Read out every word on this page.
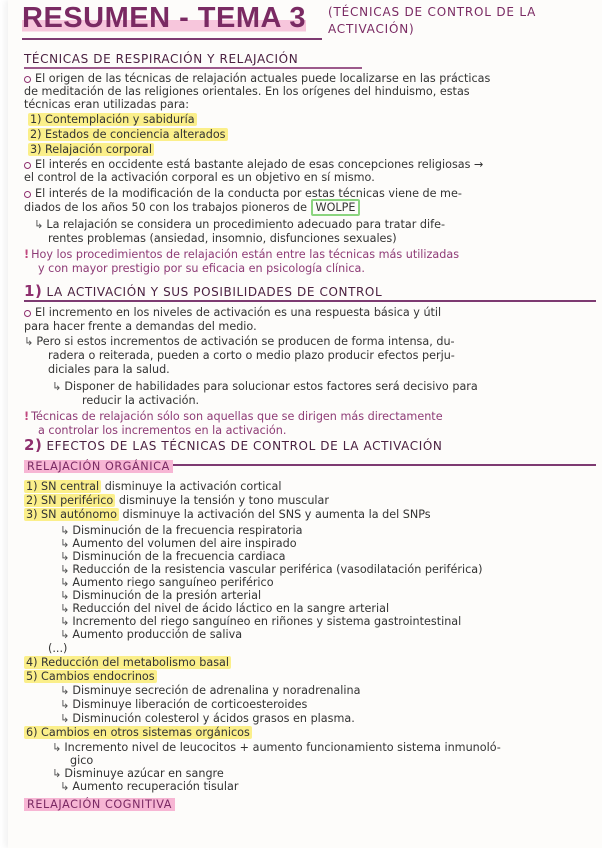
RESUMEN - TEMA 3 (TÉCNICAS DE CONTROL DE LA ACTIVACIÓN)
TÉCNICAS DE RESPIRACIÓN Y RELAJACIÓN
El origen de las técnicas de relajación actuales puede localizarse en las prácticas
de meditación de las religiones orientales. En los orígenes del hinduismo, estas
técnicas eran utilizadas para:
1) Contemplación y sabiduría
2) Estados de conciencia alterados
3) Relajación corporal
El interés en occidente está bastante alejado de esas concepciones religiosas →
el control de la activación corporal es un objetivo en sí mismo.
El interés de la modificación de la conducta por estas técnicas viene de me-
diados de los años 50 con los trabajos pioneros de WOLPE
↳ La relajación se considera un procedimiento adecuado para tratar dife-
rentes problemas (ansiedad, insomnio, disfunciones sexuales)
! Hoy los procedimientos de relajación están entre las técnicas más utilizadas
y con mayor prestigio por su eficacia en psicología clínica.
1) LA ACTIVACIÓN Y SUS POSIBILIDADES DE CONTROL
El incremento en los niveles de activación es una respuesta básica y útil
para hacer frente a demandas del medio.
↳ Pero si estos incrementos de activación se producen de forma intensa, du-
radera o reiterada, pueden a corto o medio plazo producir efectos perju-
diciales para la salud.
↳ Disponer de habilidades para solucionar estos factores será decisivo para
reducir la activación.
! Técnicas de relajación sólo son aquellas que se dirigen más directamente
a controlar los incrementos en la activación.
2) EFECTOS DE LAS TÉCNICAS DE CONTROL DE LA ACTIVACIÓN
RELAJACIÓN ORGÁNICA
1) SN central disminuye la activación cortical
2) SN periférico disminuye la tensión y tono muscular
3) SN autónomo disminuye la activación del SNS y aumenta la del SNPs
↳ Disminución de la frecuencia respiratoria
↳ Aumento del volumen del aire inspirado
↳ Disminución de la frecuencia cardiaca
↳ Reducción de la resistencia vascular periférica (vasodilatación periférica)
↳ Aumento riego sanguíneo periférico
↳ Disminución de la presión arterial
↳ Reducción del nivel de ácido láctico en la sangre arterial
↳ Incremento del riego sanguíneo en riñones y sistema gastrointestinal
↳ Aumento producción de saliva
(...)
4) Reducción del metabolismo basal
5) Cambios endocrinos
↳ Disminuye secreción de adrenalina y noradrenalina
↳ Disminuye liberación de corticoesteroides
↳ Disminución colesterol y ácidos grasos en plasma.
6) Cambios en otros sistemas orgánicos
↳ Incremento nivel de leucocitos + aumento funcionamiento sistema inmunoló-
gico
↳ Disminuye azúcar en sangre
↳ Aumento recuperación tisular
RELAJACIÓN COGNITIVA
